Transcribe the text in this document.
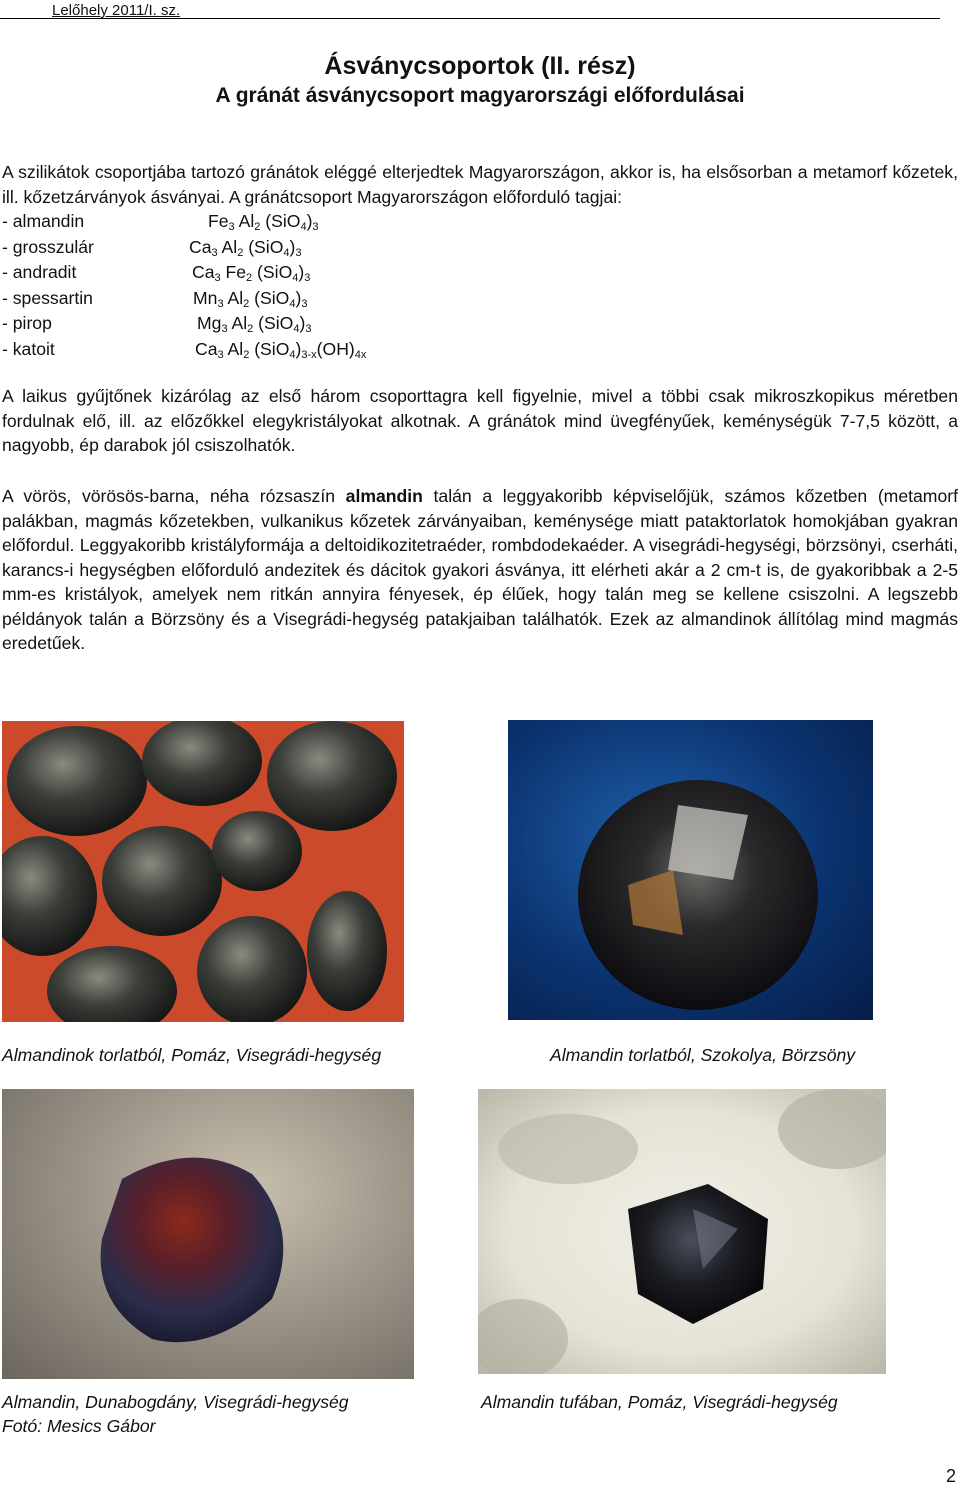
Lelőhely 2011/I. sz.
Ásványcsoportok (II. rész)
A gránát ásványcsoport magyarországi előfordulásai
A szilikátok csoportjába tartozó gránátok eléggé elterjedtek Magyarországon, akkor is, ha elsősorban a metamorf kőzetek, ill. kőzetzárványok ásványai. A gránátcsoport Magyarországon előforduló tagjai:
- almandin	$Fe_3$ $Al_2$ $(SiO_4)_3$
- grosszulár	$Ca_3$ $Al_2$ $(SiO_4)_3$
- andradit	$Ca_3$ $Fe_2$ $(SiO_4)_3$
- spessartin	$Mn_3$ $Al_2$ $(SiO_4)_3$
- pirop	$Mg_3$ $Al_2$ $(SiO_4)_3$
- katoit	$Ca_3$ $Al_2$ $(SiO_4)_{3-x}(OH)_{4x}$
A laikus gyűjtőnek kizárólag az első három csoporttagra kell figyelnie, mivel a többi csak mikroszkopikus méretben fordulnak elő, ill. az előzőkkel elegykristályokat alkotnak. A gránátok mind üvegfényűek, keménységük 7-7,5 között, a nagyobb, ép darabok jól csiszolhatók.
A vörös, vörösös-barna, néha rózsaszín almandin talán a leggyakoribb képviselőjük, számos kőzetben (metamorf palákban, magmás kőzetekben, vulkanikus kőzetek zárványaiban, keménysége miatt pataktorlatok homokjában gyakran előfordul. Leggyakoribb kristályformája a deltoidikozitetraéder, rombdodekaéder. A visegrádi-hegységi, börzsönyi, cserháti, karancs-i hegységben előforduló andezitek és dácitok gyakori ásványa, itt elérheti akár a 2 cm-t is, de gyakoribbak a 2-5 mm-es kristályok, amelyek nem ritkán annyira fényesek, ép élűek, hogy talán meg se kellene csiszolni. A legszebb példányok talán a Börzsöny és a Visegrádi-hegység patakjaiban találhatók. Ezek az almandinok állítólag mind magmás eredetűek.
Almandinok torlatból, Pomáz, Visegrádi-hegység	Almandin torlatból, Szokolya, Börzsöny
Almandin, Dunabogdány, Visegrádi-hegység
Fotó: Mesics Gábor
Almandin tufában, Pomáz, Visegrádi-hegység
2
